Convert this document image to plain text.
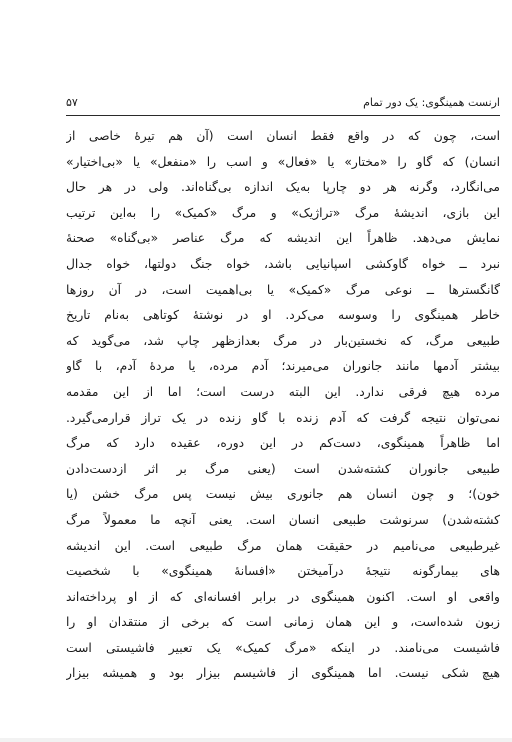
ارنست همینگوی: یک دور تمام
۵۷
است، چون که در واقع فقط انسان است (آن هم تیرهٔ خاصی از
انسان) که گاو را «مختار» یا «فعال» و اسب را «منفعل» یا «بی‌اختیار»
می‌انگارد، وگرنه هر دو چارپا به‌یک اندازه بی‌گناه‌اند. ولی در هر حال
این بازی، اندیشهٔ مرگ «تراژیک» و مرگ «کمیک» را به‌این ترتیب
نمایش می‌دهد. ظاهراً این اندیشه که مرگ عناصر «بی‌گناه» صحنهٔ
نبرد ــ خواه گاوکشی اسپانیایی باشد، خواه جنگ دولتها، خواه جدال
گانگسترها ــ نوعی مرگ «کمیک» یا بی‌اهمیت است، در آن روزها
خاطر همینگوی را وسوسه می‌کرد. او در نوشتهٔ کوتاهی به‌نام تاریخ
طبیعی مرگ، که نخستین‌بار در مرگ بعدازظهر چاپ شد، می‌گوید که
بیشتر آدمها مانند جانوران می‌میرند؛ آدم مرده، یا مردهٔ آدم، با گاو
مرده هیچ فرقی ندارد. این البته درست است؛ اما از این مقدمه
نمی‌توان نتیجه گرفت که آدم زنده با گاو زنده در یک تراز قرارمی‌گیرد.
اما ظاهراً همینگوی، دست‌کم در این دوره، عقیده دارد که مرگ
طبیعی جانوران کشته‌شدن است (یعنی مرگ بر اثر ازدست‌دادن
خون)؛ و چون انسان هم جانوری بیش نیست پس مرگ خشن (یا
کشته‌شدن) سرنوشت طبیعی انسان است. یعنی آنچه ما معمولاً مرگ
غیرطبیعی می‌نامیم در حقیقت همان مرگ طبیعی است. این اندیشه‌
های بیمارگونه نتیجهٔ درآمیختن «افسانهٔ همینگوی» با شخصیت
واقعی او است. اکنون همینگوی در برابر افسانه‌ای که از او پرداخته‌اند
زبون شده‌است، و این همان زمانی است که برخی از منتقدان او را
فاشیست می‌نامند. در اینکه «مرگ کمیک» یک تعبیر فاشیستی است
هیچ شکی نیست. اما همینگوی از فاشیسم بیزار بود و همیشه بیزار
